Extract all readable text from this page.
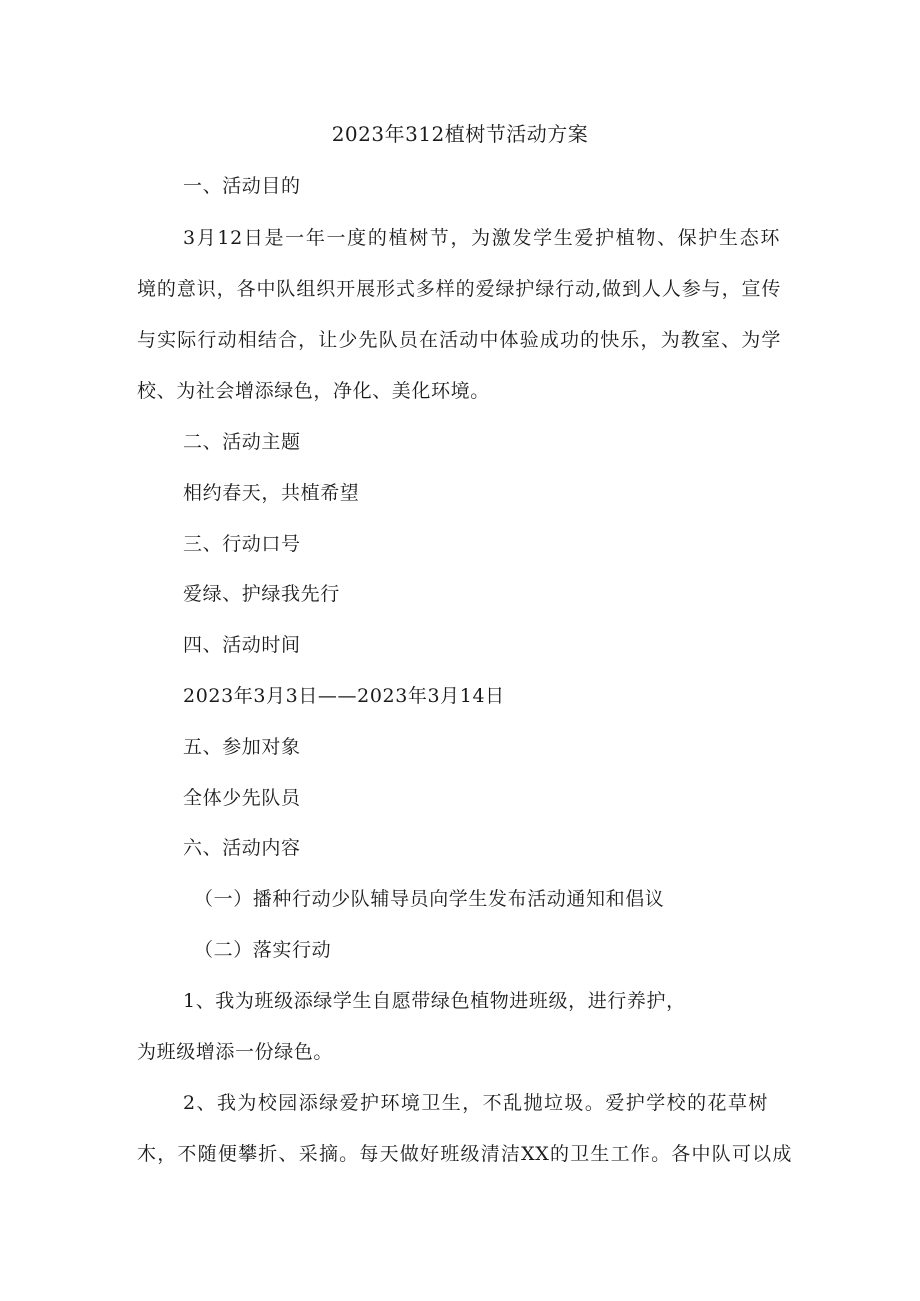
2023年312植树节活动方案
一、活动目的
3月12日是一年一度的植树节，为激发学生爱护植物、保护生态环
境的意识，各中队组织开展形式多样的爱绿护绿行动,做到人人参与，宣传
与实际行动相结合，让少先队员在活动中体验成功的快乐，为教室、为学
校、为社会增添绿色，净化、美化环境。
二、活动主题
相约春天，共植希望
三、行动口号
爱绿、护绿我先行
四、活动时间
2023年3月3日——2023年3月14日
五、参加对象
全体少先队员
六、活动内容
（一）播种行动少队辅导员向学生发布活动通知和倡议
（二）落实行动
1、我为班级添绿学生自愿带绿色植物进班级，进行养护，
为班级增添一份绿色。
2、我为校园添绿爱护环境卫生，不乱抛垃圾。爱护学校的花草树
木，不随便攀折、采摘。每天做好班级清洁XX的卫生工作。各中队可以成
